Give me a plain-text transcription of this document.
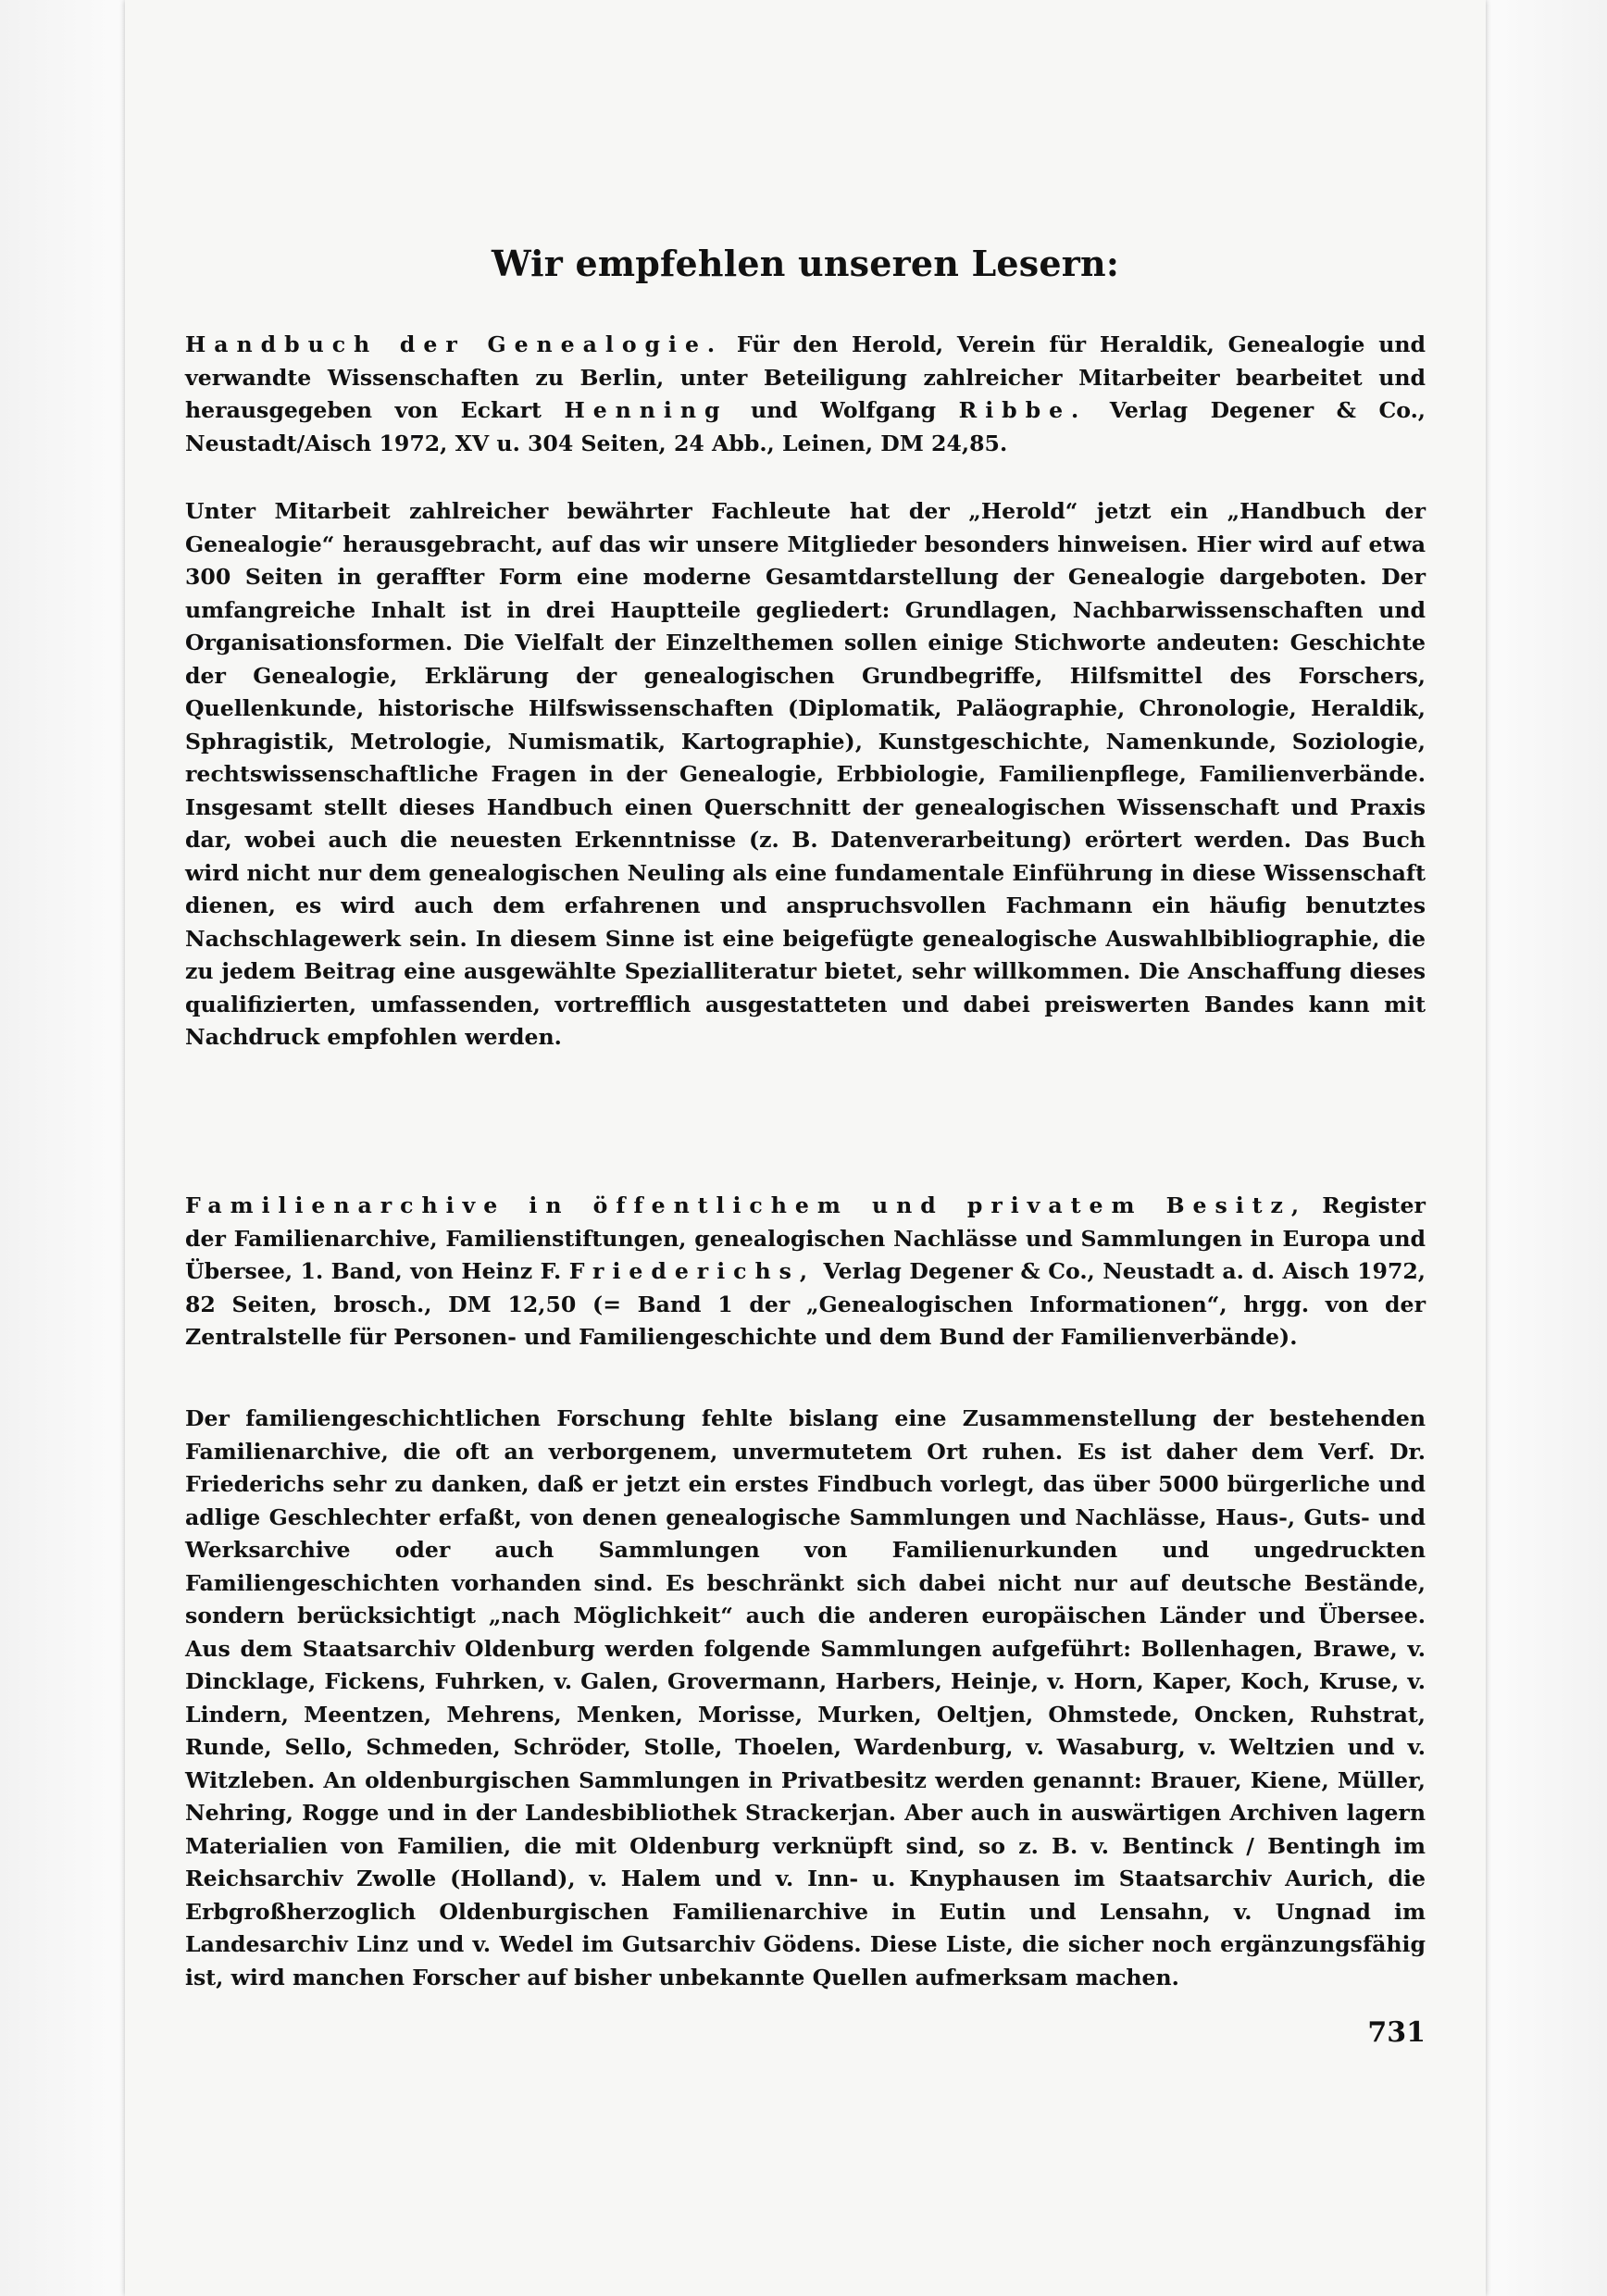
Wir empfehlen unseren Lesern:
Handbuch der Genealogie. Für den Herold, Verein für Heraldik, Genealogie und verwandte Wissenschaften zu Berlin, unter Beteiligung zahlreicher Mitarbeiter bearbeitet und herausgegeben von Eckart Henning und Wolfgang Ribbe. Verlag Degener & Co., Neustadt/Aisch 1972, XV u. 304 Seiten, 24 Abb., Leinen, DM 24,85.
Unter Mitarbeit zahlreicher bewährter Fachleute hat der „Herold“ jetzt ein „Handbuch der Genealogie“ herausgebracht, auf das wir unsere Mitglieder besonders hinweisen. Hier wird auf etwa 300 Seiten in geraffter Form eine moderne Gesamtdarstellung der Genealogie dargeboten. Der umfangreiche Inhalt ist in drei Hauptteile gegliedert: Grundlagen, Nachbarwissenschaften und Organisationsformen. Die Vielfalt der Einzelthemen sollen einige Stichworte andeuten: Geschichte der Genealogie, Erklärung der genealogischen Grundbegriffe, Hilfsmittel des Forschers, Quellenkunde, historische Hilfswissenschaften (Diplomatik, Paläographie, Chronologie, Heraldik, Sphragistik, Metrologie, Numismatik, Kartographie), Kunstgeschichte, Namenkunde, Soziologie, rechtswissenschaftliche Fragen in der Genealogie, Erbbiologie, Familienpflege, Familienverbände. Insgesamt stellt dieses Handbuch einen Querschnitt der genealogischen Wissenschaft und Praxis dar, wobei auch die neuesten Erkenntnisse (z. B. Datenverarbeitung) erörtert werden. Das Buch wird nicht nur dem genealogischen Neuling als eine fundamentale Einführung in diese Wissenschaft dienen, es wird auch dem erfahrenen und anspruchsvollen Fachmann ein häufig benutztes Nachschlagewerk sein. In diesem Sinne ist eine beigefügte genealogische Auswahlbibliographie, die zu jedem Beitrag eine ausgewählte Spezialliteratur bietet, sehr willkommen. Die Anschaffung dieses qualifizierten, umfassenden, vortrefflich ausgestatteten und dabei preiswerten Bandes kann mit Nachdruck empfohlen werden.
Familienarchive in öffentlichem und privatem Besitz, Register der Familienarchive, Familienstiftungen, genealogischen Nachlässe und Sammlungen in Europa und Übersee, 1. Band, von Heinz F. Friederichs, Verlag Degener & Co., Neustadt a. d. Aisch 1972, 82 Seiten, brosch., DM 12,50 (= Band 1 der „Genealogischen Informationen“, hrgg. von der Zentralstelle für Personen- und Familiengeschichte und dem Bund der Familienverbände).
Der familiengeschichtlichen Forschung fehlte bislang eine Zusammenstellung der bestehenden Familienarchive, die oft an verborgenem, unvermutetem Ort ruhen. Es ist daher dem Verf. Dr. Friederichs sehr zu danken, daß er jetzt ein erstes Findbuch vorlegt, das über 5000 bürgerliche und adlige Geschlechter erfaßt, von denen genealogische Sammlungen und Nachlässe, Haus-, Guts- und Werksarchive oder auch Sammlungen von Familienurkunden und ungedruckten Familiengeschichten vorhanden sind. Es beschränkt sich dabei nicht nur auf deutsche Bestände, sondern berücksichtigt „nach Möglichkeit“ auch die anderen europäischen Länder und Übersee. Aus dem Staatsarchiv Oldenburg werden folgende Sammlungen aufgeführt: Bollenhagen, Brawe, v. Dincklage, Fickens, Fuhrken, v. Galen, Grovermann, Harbers, Heinje, v. Horn, Kaper, Koch, Kruse, v. Lindern, Meentzen, Mehrens, Menken, Morisse, Murken, Oeltjen, Ohmstede, Oncken, Ruhstrat, Runde, Sello, Schmeden, Schröder, Stolle, Thoelen, Wardenburg, v. Wasaburg, v. Weltzien und v. Witzleben. An oldenburgischen Sammlungen in Privatbesitz werden genannt: Brauer, Kiene, Müller, Nehring, Rogge und in der Landesbibliothek Strackerjan. Aber auch in auswärtigen Archiven lagern Materialien von Familien, die mit Oldenburg verknüpft sind, so z. B. v. Bentinck / Bentingh im Reichsarchiv Zwolle (Holland), v. Halem und v. Inn- u. Knyphausen im Staatsarchiv Aurich, die Erbgroßherzoglich Oldenburgischen Familienarchive in Eutin und Lensahn, v. Ungnad im Landesarchiv Linz und v. Wedel im Gutsarchiv Gödens. Diese Liste, die sicher noch ergänzungsfähig ist, wird manchen Forscher auf bisher unbekannte Quellen aufmerksam machen.
731
